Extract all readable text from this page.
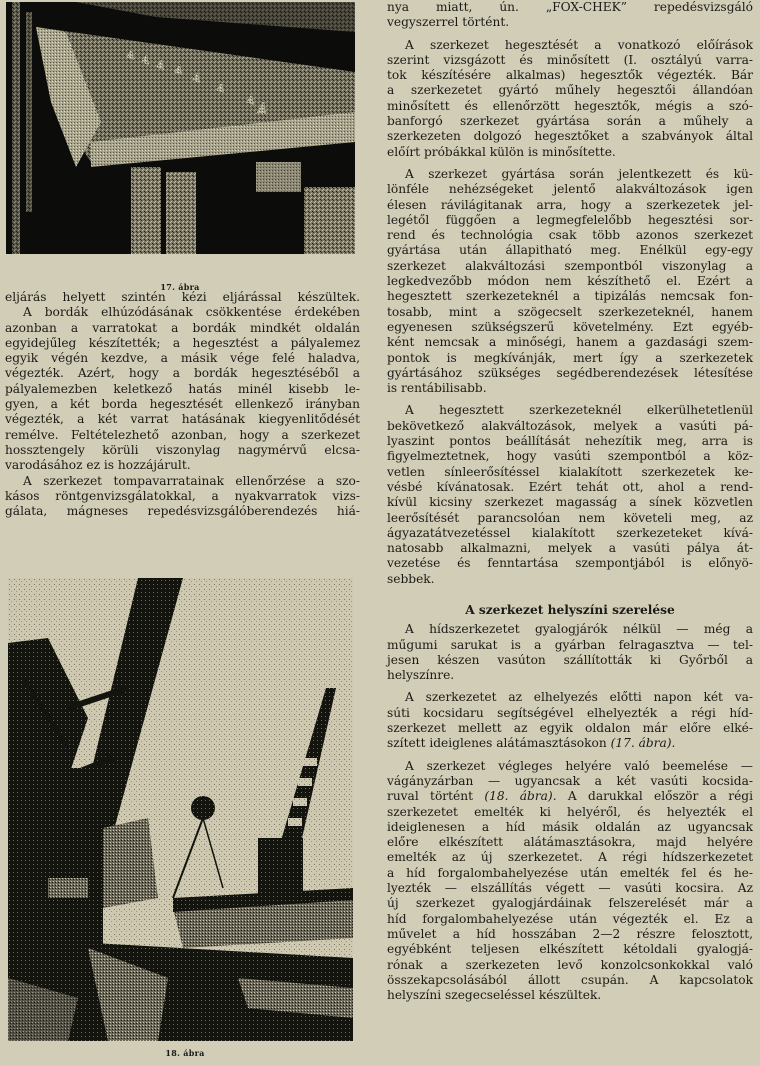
17. ábra

eljárás helyett szintén kézi eljárással készültek.
A bordák elhúzódásának csökkentése érdekében
azonban a varratokat a bordák mindkét oldalán
egyidejűleg készítették; a hegesztést a pályalemez
egyik végén kezdve, a másik vége felé haladva,
végezték. Azért, hogy a bordák hegesztéséből a
pályalemezben keletkező hatás minél kisebb le-
gyen, a két borda hegesztését ellenkező irányban
végezték, a két varrat hatásának kiegyenlitődését
remélve. Feltételezhető azonban, hogy a szerkezet
hossztengely körüli viszonylag nagymérvű elcsa-
varodásához ez is hozzájárult.

A szerkezet tompavarratainak ellenőrzése a szo-
kásos röntgenvizsgálatokkal, a nyakvarratok vizs-
gálata, mágneses repedésvizsgálóberendezés hiá-

18. ábra

nya miatt, ún. „FOX-CHEK” repedésvizsgáló
vegyszerrel történt.

A szerkezet hegesztését a vonatkozó előírások
szerint vizsgázott és minősített (I. osztályú varra-
tok készítésére alkalmas) hegesztők végezték. Bár
a szerkezetet gyártó műhely hegesztői állandóan
minősített és ellenőrzött hegesztők, mégis a szó-
banforgó szerkezet gyártása során a műhely a
szerkezeten dolgozó hegesztőket a szabványok által
előírt próbákkal külön is minősítette.

A szerkezet gyártása során jelentkezett és kü-
lönféle nehézségeket jelentő alakváltozások igen
élesen rávilágitanak arra, hogy a szerkezetek jel-
legétől függően a legmegfelelőbb hegesztési sor-
rend és technológia csak több azonos szerkezet
gyártása után állapitható meg. Enélkül egy-egy
szerkezet alakváltozási szempontból viszonylag a
legkedvezőbb módon nem készíthető el. Ezért a
hegesztett szerkezeteknél a tipizálás nemcsak fon-
tosabb, mint a szögecselt szerkezeteknél, hanem
egyenesen szükségszerű követelmény. Ezt egyéb-
ként nemcsak a minőségi, hanem a gazdasági szem-
pontok is megkívánják, mert így a szerkezetek
gyártásához szükséges segédberendezések létesítése
is rentábilisabb.

A hegesztett szerkezeteknél elkerülhetetlenül
bekövetkező alakváltozások, melyek a vasúti pá-
lyaszint pontos beállítását nehezítik meg, arra is
figyelmeztetnek, hogy vasúti szempontból a köz-
vetlen sínleerősítéssel kialakított szerkezetek ke-
vésbé kívánatosak. Ezért tehát ott, ahol a rend-
kívül kicsiny szerkezet magasság a sínek közvetlen
leerősítését parancsolóan nem követeli meg, az
ágyazatátvezetéssel kialakított szerkezeteket kívá-
natosabb alkalmazni, melyek a vasúti pálya át-
vezetése és fenntartása szempontjából is előnyö-
sebbek.

A szerkezet helyszíni szerelése

A hídszerkezetet gyalogjárók nélkül — még a
műgumi sarukat is a gyárban felragasztva — tel-
jesen készen vasúton szállították ki Győrből a
helyszínre.

A szerkezetet az elhelyezés előtti napon két va-
súti kocsidaru segítségével elhelyezték a régi híd-
szerkezet mellett az egyik oldalon már előre elké-
szített ideiglenes alátámasztásokon (17. ábra).

A szerkezet végleges helyére való beemelése —
vágányzárban — ugyancsak a két vasúti kocsida-
ruval történt (18. ábra). A darukkal először a régi
szerkezetet emelték ki helyéről, és helyezték el
ideiglenesen a híd másik oldalán az ugyancsak
előre elkészített alátámasztásokra, majd helyére
emelték az új szerkezetet. A régi hídszerkezetet
a híd forgalombahelyezése után emelték fel és he-
lyezték — elszállítás végett — vasúti kocsira. Az
új szerkezet gyalogjárdáinak felszerelését már a
híd forgalombahelyezése után végezték el. Ez a
művelet a híd hosszában 2—2 részre felosztott,
egyébként teljesen elkészített kétoldali gyalogjá-
rónak a szerkezeten levő konzolcsonkokkal való
összekapcsolásából állott csupán. A kapcsolatok
helyszíni szegecseléssel készültek.
